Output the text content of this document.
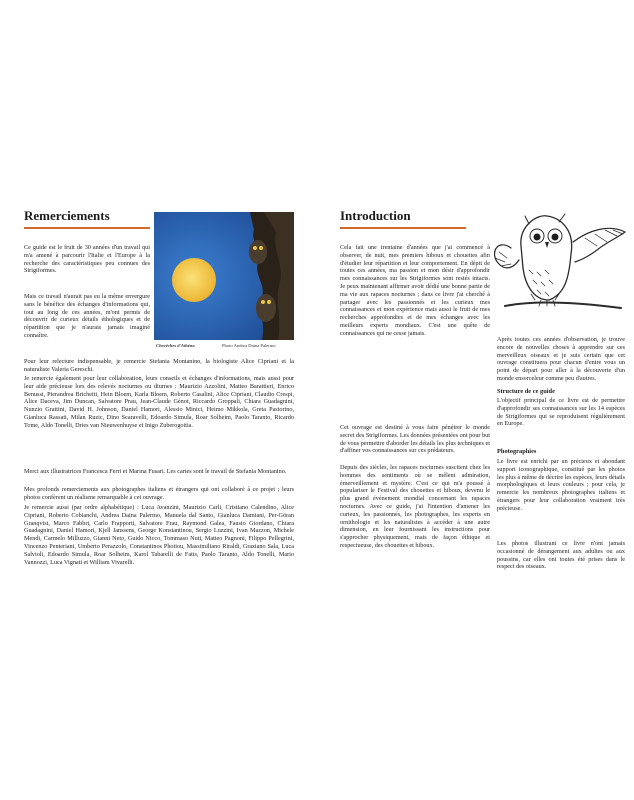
Remerciements
Chevêches d'Athéna	Photo Andrea Daina Palermo

Ce guide est le fruit de 30 années d'un travail qui m'a amené à parcourir l'Italie et l'Europe à la recherche des caractéristiques peu connues des Strigiformes.

Mais ce travail n'aurait pas eu la même envergure sans le bénéfice des échanges d'informations qui, tout au long de ces années, m'ont permis de découvrir de curieux détails éthologiques et de répartition que je n'aurais jamais imaginé connaître.

Pour leur relecture indispensable, je remercie Stefania Montanino, la biologiste Alice Cipriani et la naturaliste Valeria Gereschi.

Je remercie également pour leur collaboration, leurs conseils et échanges d'informations, mais aussi pour leur aide précieuse lors des relevés nocturnes ou diurnes : Maurizio Azzolini, Matteo Barattieri, Enrico Benussi, Pierandrea Brichetti, Hein Bloem, Karla Bloem, Roberto Casalini, Alice Cipriani, Claudio Crespi, Alice Daceva, Jim Duncan, Salvatore Prau, Jean-Claude Génot, Riccardo Groppali, Chiara Guadagnini, Nunzio Grattini, David H. Johnson, Daniel Hamori, Alessio Minici, Heimo Mikkola, Greta Pastorino, Gianluca Rassati, Milan Ruzic, Dino Scaravelli, Edoardo Simula, Roar Solheim, Paolo Taranto, Ricardo Tome, Aldo Tonelli, Dries van Nieuwenhuyse et Inigo Zuberogoitia.

Merci aux illustratrices Francesca Ferri et Marina Fusari. Les cartes sont le travail de Stefania Montanino.

Mes profonds remerciements aux photographes italiens et étrangers qui ont collaboré à ce projet ; leurs photos confèrent un réalisme remarquable à cet ouvrage.

Je remercie aussi (par ordre alphabétique) : Luca Avanzini, Maurizio Carli, Cristiano Calendino, Alice Cipriani, Roberto Cobianchi, Andrea Daina Palermo, Manuela dal Santo, Gianluca Damiani, Per-Göran Granqvist, Marco Fabbri, Carlo Frapporti, Salvatore Frau, Raymond Galea, Fausto Giordano, Chiara Guadagnini, Daniel Hamori, Kjell Janssens, George Konstantinou, Sergio Luzzini, Ivan Mazzon, Michele Mendi, Carmelo Milluzzo, Gianni Neto, Guido Nicco, Tommaso Nuti, Matteo Pagnoni, Filippo Pellegrini, Vincenzo Penteriani, Umberto Perazzolo, Constantinos Photiou, Massimiliano Riraldi, Graziano Sala, Luca Salvioli, Edoardo Simula, Roar Solheim, Karol Tabarelli de Fatis, Paolo Taranto, Aldo Tonelli, Mario Vannozzi, Luca Vignati et William Vivarelli.

Introduction

Cela fait une trentaine d'années que j'ai commencé à observer, de nuit, mes premiers hiboux et chouettes afin d'étudier leur répartition et leur comportement. En dépit de toutes ces années, ma passion et mon désir d'approfondir mes connaissances sur les Strigiformes sont restés intacts. Je peux maintenant affirmer avoir dédié une bonne partie de ma vie aux rapaces nocturnes ; dans ce livre j'ai cherché à partager avec les passionnés et les curieux mes connaissances et mon expérience mais aussi le fruit de mes recherches approfondies et de mes échanges avec les meilleurs experts mondiaux. C'est une quête de connaissances qui ne cesse jamais.

Cet ouvrage est destiné à vous faire pénétrer le monde secret des Strigiformes. Les données présentées ont pour but de vous permettre d'aborder les détails les plus techniques et d'affiner vos connaissances sur ces prédateurs.

Depuis des siècles, les rapaces nocturnes suscitent chez les hommes des sentiments où se mêlent admiration, émerveillement et mystère. C'est ce qui m'a poussé à populariser le Festival des chouettes et hiboux, devenu le plus grand événement mondial concernant les rapaces nocturnes. Avec ce guide, j'ai l'intention d'amener les curieux, les passionnés, les photographes, les experts en ornithologie et les naturalistes à accéder à une autre dimension, en leur fournissant les instructions pour s'approcher physiquement, mais de façon éthique et respectueuse, des chouettes et hiboux.

Après toutes ces années d'observation, je trouve encore de nouvelles choses à apprendre sur ces merveilleux oiseaux et je suis certain que cet ouvrage constituera pour chacun d'entre vous un point de départ pour aller à la découverte d'un monde ensorceleur comme peu d'autres.

Structure de ce guide

L'objectif principal de ce livre est de permettre d'approfondir ses connaissances sur les 14 espèces de Strigiformes qui se reproduisent régulièrement en Europe.

Photographies

Le livre est enrichi par un précieux et abondant support iconographique, constitué par les photos les plus à même de décrire les espèces, leurs détails morphologiques et leurs couleurs ; pour cela, je remercie les nombreux photographes italiens et étrangers pour leur collaboration vraiment très précieuse.

Les photos illustrant ce livre n'ont jamais occasionné de dérangement aux adultes ou aux poussins, car elles ont toutes été prises dans le respect des oiseaux.
